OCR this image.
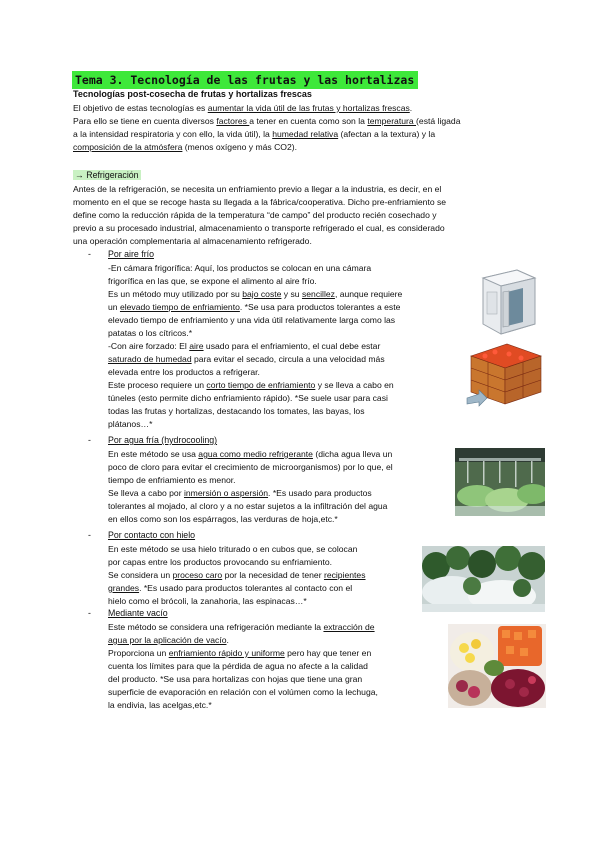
Tema 3. Tecnología de las frutas y las hortalizas
Tecnologías post-cosecha de frutas y hortalizas frescas
El objetivo de estas tecnologías es aumentar la vida útil de las frutas y hortalizas frescas.
Para ello se tiene en cuenta diversos factores a tener en cuenta como son la temperatura (está ligada
a la intensidad respiratoria y con ello, la vida útil), la humedad relativa (afectan a la textura) y la
composición de la atmósfera (menos oxígeno y más CO2).
→ Refrigeración
Antes de la refrigeración, se necesita un enfriamiento previo a llegar a la industria, es decir, en el
momento en el que se recoge hasta su llegada a la fábrica/cooperativa. Dicho pre-enfriamiento se
define como la reducción rápida de la temperatura “de campo” del producto recién cosechado y
previo a su procesado industrial, almacenamiento o transporte refrigerado el cual, es considerado
una operación complementaria al almacenamiento refrigerado.
- Por aire frío
-En cámara frigorífica: Aquí, los productos se colocan en una cámara
frigorífica en las que, se expone el alimento al aire frío.
Es un método muy utilizado por su bajo coste y su sencillez, aunque requiere
un elevado tiempo de enfriamiento. *Se usa para productos tolerantes a este
elevado tiempo de enfriamiento y una vida útil relativamente larga como las
patatas o los cítricos.*
-Con aire forzado: El aire usado para el enfriamiento, el cual debe estar
saturado de humedad para evitar el secado, circula a una velocidad más
elevada entre los productos a refrigerar.
Este proceso requiere un corto tiempo de enfriamiento y se lleva a cabo en
túneles (esto permite dicho enfriamiento rápido). *Se suele usar para casi
todas las frutas y hortalizas, destacando los tomates, las bayas, los
plátanos…*
- Por agua fría (hydrocooling)
En este método se usa agua como medio refrigerante (dicha agua lleva un
poco de cloro para evitar el crecimiento de microorganismos) por lo que, el
tiempo de enfriamiento es menor.
Se lleva a cabo por inmersión o aspersión. *Es usado para productos
tolerantes al mojado, al cloro y a no estar sujetos a la infiltración del agua
en ellos como son los espárragos, las verduras de hoja,etc.*
- Por contacto con hielo
En este método se usa hielo triturado o en cubos que, se colocan
por capas entre los productos provocando su enfriamiento.
Se considera un proceso caro por la necesidad de tener recipientes
grandes. *Es usado para productos tolerantes al contacto con el
hielo como el brócoli, la zanahoria, las espinacas…*
- Mediante vacío
Este método se considera una refrigeración mediante la extracción de
agua por la aplicación de vacío.
Proporciona un enfriamiento rápido y uniforme pero hay que tener en
cuenta los límites para que la pérdida de agua no afecte a la calidad
del producto. *Se usa para hortalizas con hojas que tiene una gran
superficie de evaporación en relación con el volúmen como la lechuga,
la endivia, las acelgas,etc.*
